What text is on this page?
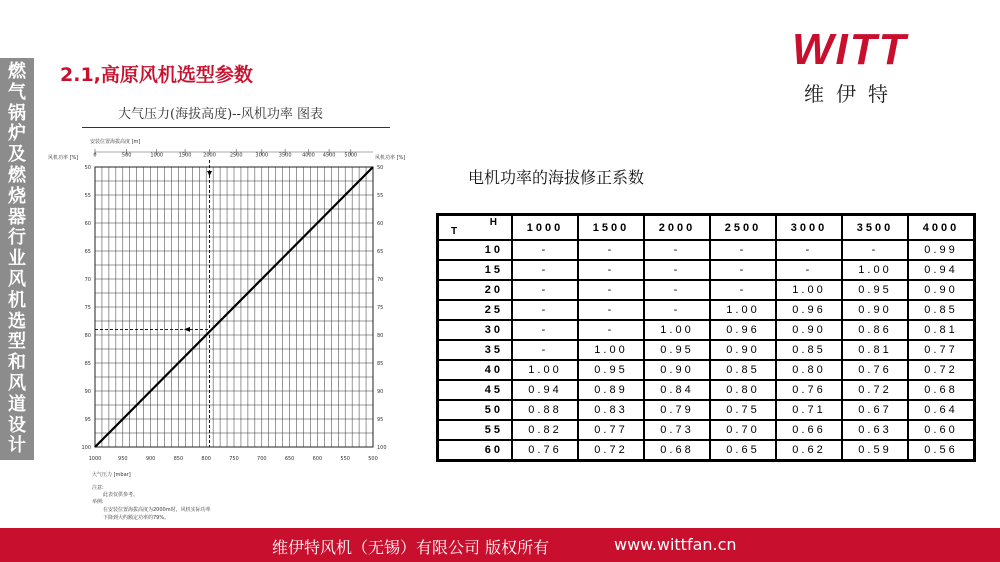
燃气锅炉及燃烧器行业风机选型和风道设计
2.1,高原风机选型参数
WITT
维伊特
大气压力(海拔高度)--风机功率 图表
安装位置海拔高度 [m]
风机功率 [%]	风机功率 [%]
1000	950	900	850	800	750	700	650	600	550	500
0	500	1000	1500 2000	2500	3000 3500 4000 4500 5000
50	50
55	55
60	60
65	65
70	70
75	75
80	80
85	85
90	90
95	95
100	100
大气压力 [mbar]
注意:
此表仅供参考。
举例:
在安装位置海拔高度为2000m时，风机实际功率
下降到大约额定功率的79%。
电机功率的海拔修正系数
H
T	1000	1500	2000	2500	3000	3500	4000
10	-	-	-	-	-	-	0.99
15	-	-	-	-	-	1.00	0.94
20	-	-	-	-	1.00	0.95	0.90
25	-	-	-	1.00	0.96	0.90	0.85
30	-	-	1.00	0.96	0.90	0.86	0.81
35	-	1.00	0.95	0.90	0.85	0.81	0.77
40	1.00	0.95	0.90	0.85	0.80	0.76	0.72
45	0.94	0.89	0.84	0.80	0.76	0.72	0.68
50	0.88	0.83	0.79	0.75	0.71	0.67	0.64
55	0.82	0.77	0.73	0.70	0.66	0.63	0.60
60	0.76	0.72	0.68	0.65	0.62	0.59	0.56
维伊特风机（无锡）有限公司 版权所有	www.wittfan.cn
